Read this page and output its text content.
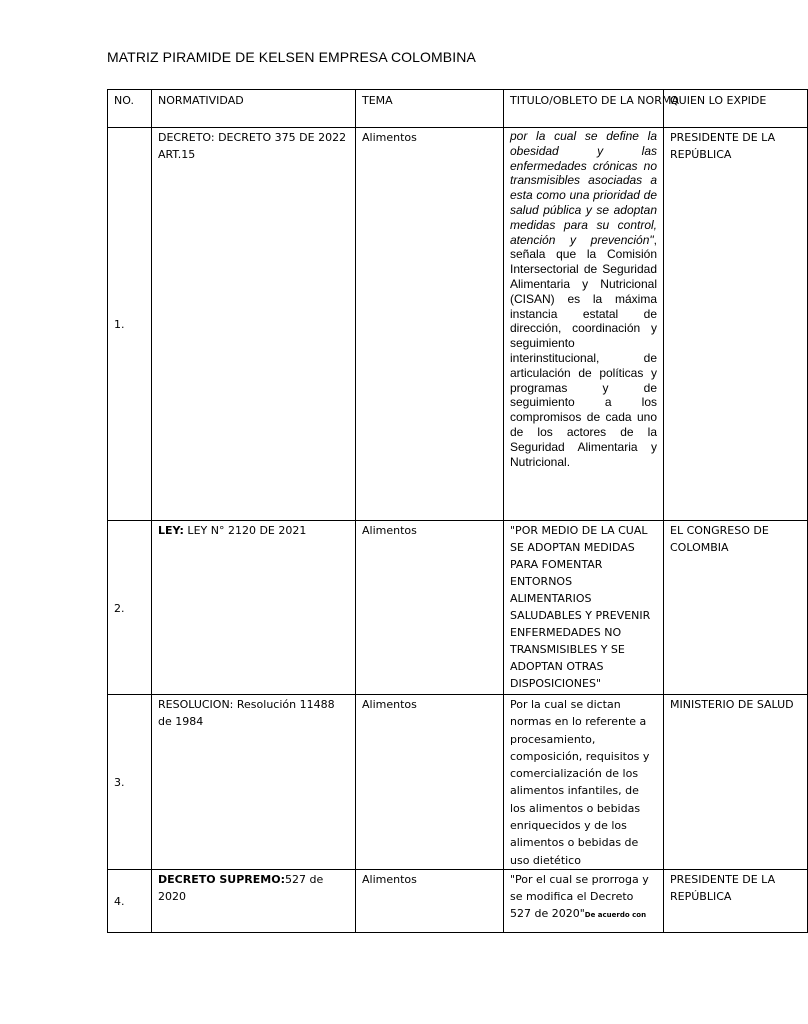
MATRIZ PIRAMIDE DE KELSEN EMPRESA COLOMBINA
NO.	NORMATIVIDAD	TEMA	TITULO/OBLETO DE LA NORMA	QUIEN LO EXPIDE
1.	DECRETO: DECRETO 375 DE 2022 ART.15	Alimentos	por la cual se define la obesidad y las enfermedades crónicas no transmisibles asociadas a esta como una prioridad de salud pública y se adoptan medidas para su control, atención y prevención", señala que la Comisión Intersectorial de Seguridad Alimentaria y Nutricional (CISAN) es la máxima instancia estatal de dirección, coordinación y seguimiento interinstitucional, de articulación de políticas y programas y de seguimiento a los compromisos de cada uno de los actores de la Seguridad Alimentaria y Nutricional.	PRESIDENTE DE LA REPÚBLICA
2.	LEY: LEY N° 2120 DE 2021	Alimentos	"POR MEDIO DE LA CUAL SE ADOPTAN MEDIDAS PARA FOMENTAR ENTORNOS ALIMENTARIOS SALUDABLES Y PREVENIR ENFERMEDADES NO TRANSMISIBLES Y SE ADOPTAN OTRAS DISPOSICIONES"	EL CONGRESO DE COLOMBIA
3.	RESOLUCION: Resolución 11488 de 1984	Alimentos	Por la cual se dictan normas en lo referente a procesamiento, composición, requisitos y comercialización de los alimentos infantiles, de los alimentos o bebidas enriquecidos y de los alimentos o bebidas de uso dietético	MINISTERIO DE SALUD
4.	DECRETO SUPREMO:527 de 2020	Alimentos	"Por el cual se prorroga y se modifica el Decreto 527 de 2020"De acuerdo con	PRESIDENTE DE LA REPÚBLICA
